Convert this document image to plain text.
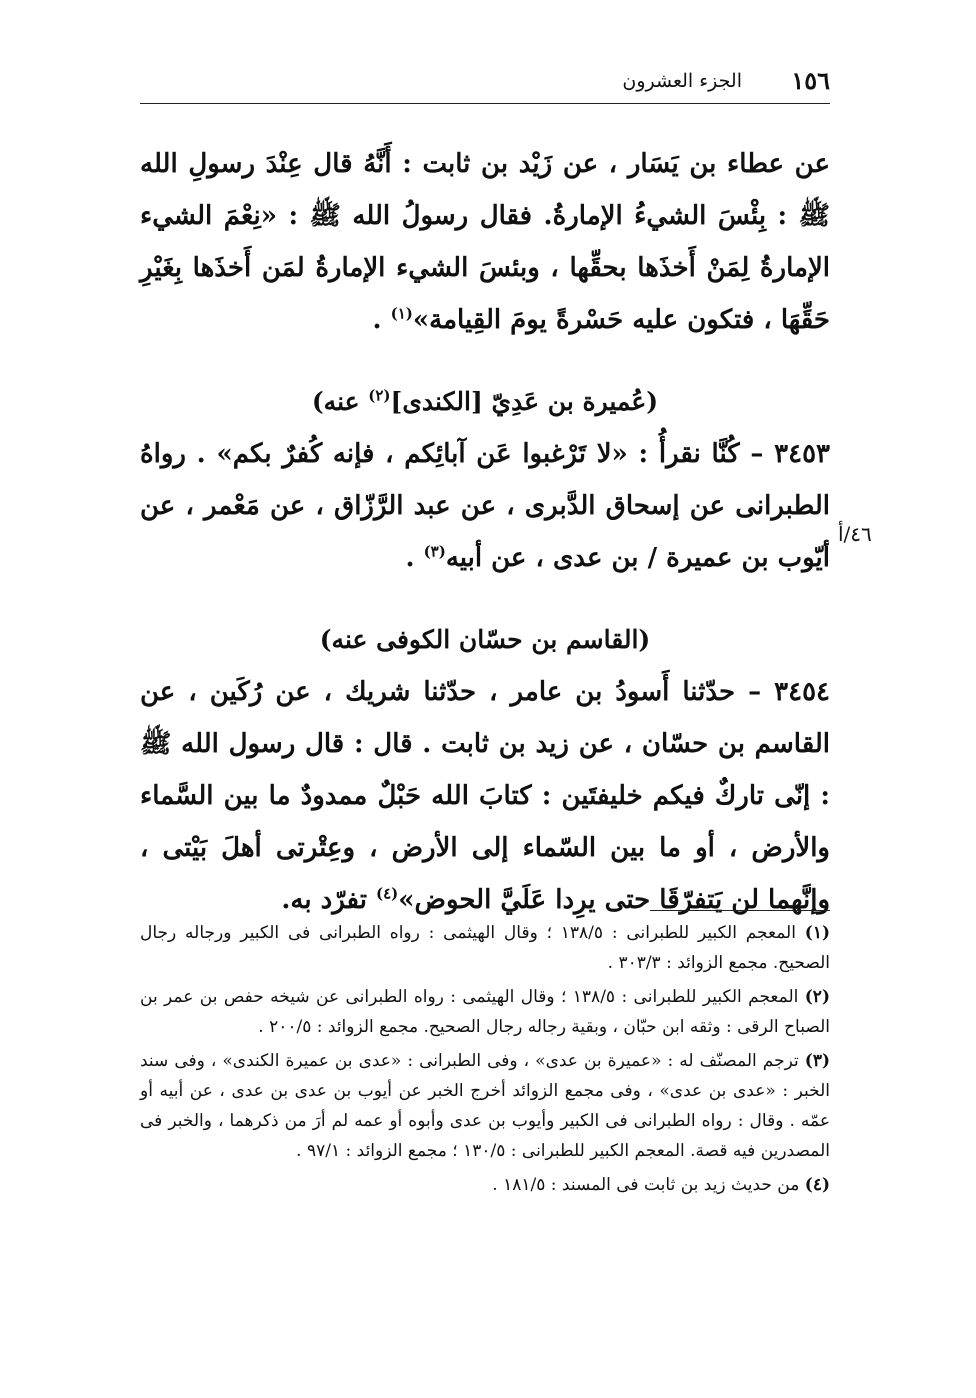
١٥٦
الجزء العشرون

عن عطاء بن يَسَار ، عن زَيْد بن ثابت : أَنَّهُ قال عِنْدَ رسولِ الله ﷺ : بِئْسَ الشيءُ الإمارةُ. فقال رسولُ الله ﷺ : «نِعْمَ الشيء الإمارةُ لِمَنْ أَخذَها بحقِّها ، وبئسَ الشيء الإمارةُ لمَن أَخذَها بِغَيْرِ حَقِّهَا ، فتكون عليه حَسْرةً يومَ القِيامة»$^{(١)}$ .

(عُميرة بن عَدِيّ [الكندى]$^{(٢)}$ عنه)

٣٤٥٣ – كُنَّا نقرأُ : «لا تَرْغبوا عَن آبائِكم ، فإنه كُفرٌ بكم» . رواهُ الطبرانى عن إسحاق الدَّبرى ، عن عبد الرَّزّاق ، عن مَعْمر ، عن أيّوب بن عميرة / بن عدى ، عن أبيه$^{(٣)}$ .

(القاسم بن حسّان الكوفى عنه)

٣٤٥٤ – حدّثنا أَسودُ بن عامر ، حدّثنا شريك ، عن رُكَين ، عن القاسم بن حسّان ، عن زيد بن ثابت . قال : قال رسول الله ﷺ : إنّى تاركٌ فيكم خليفتَين : كتابَ الله حَبْلٌ ممدودٌ ما بين السَّماء والأرض ، أو ما بين السّماء إلى الأرض ، وعِتْرتى أهلَ بَيْتى ، وإنَّهما لن يَتفرّقَا حتى يرِدا عَلَيَّ الحوض»$^{(٤)}$ تفرّد به.

٤٦/أ

(١) المعجم الكبير للطبرانى : ١٣٨/٥ ؛ وقال الهيثمى : رواه الطبرانى فى الكبير ورجاله رجال الصحيح. مجمع الزوائد : ٣٠٣/٣ .

(٢) المعجم الكبير للطبرانى : ١٣٨/٥ ؛ وقال الهيثمى : رواه الطبرانى عن شيخه حفص بن عمر بن الصباح الرقى : وثقه ابن حبّان ، وبقية رجاله رجال الصحيح. مجمع الزوائد : ٢٠٠/٥ .

(٣) ترجم المصنّف له : «عميرة بن عدى» ، وفى الطبرانى : «عدى بن عميرة الكندى» ، وفى سند الخبر : «عدى بن عدى» ، وفى مجمع الزوائد أخرج الخبر عن أيوب بن عدى بن عدى ، عن أبيه أو عمّه . وقال : رواه الطبرانى فى الكبير وأيوب بن عدى وأبوه أو عمه لم أرَ من ذكرهما ، والخبر فى المصدرين فيه قصة. المعجم الكبير للطبرانى : ١٣٠/٥ ؛ مجمع الزوائد : ٩٧/١ .

(٤) من حديث زيد بن ثابت فى المسند : ١٨١/٥ .
